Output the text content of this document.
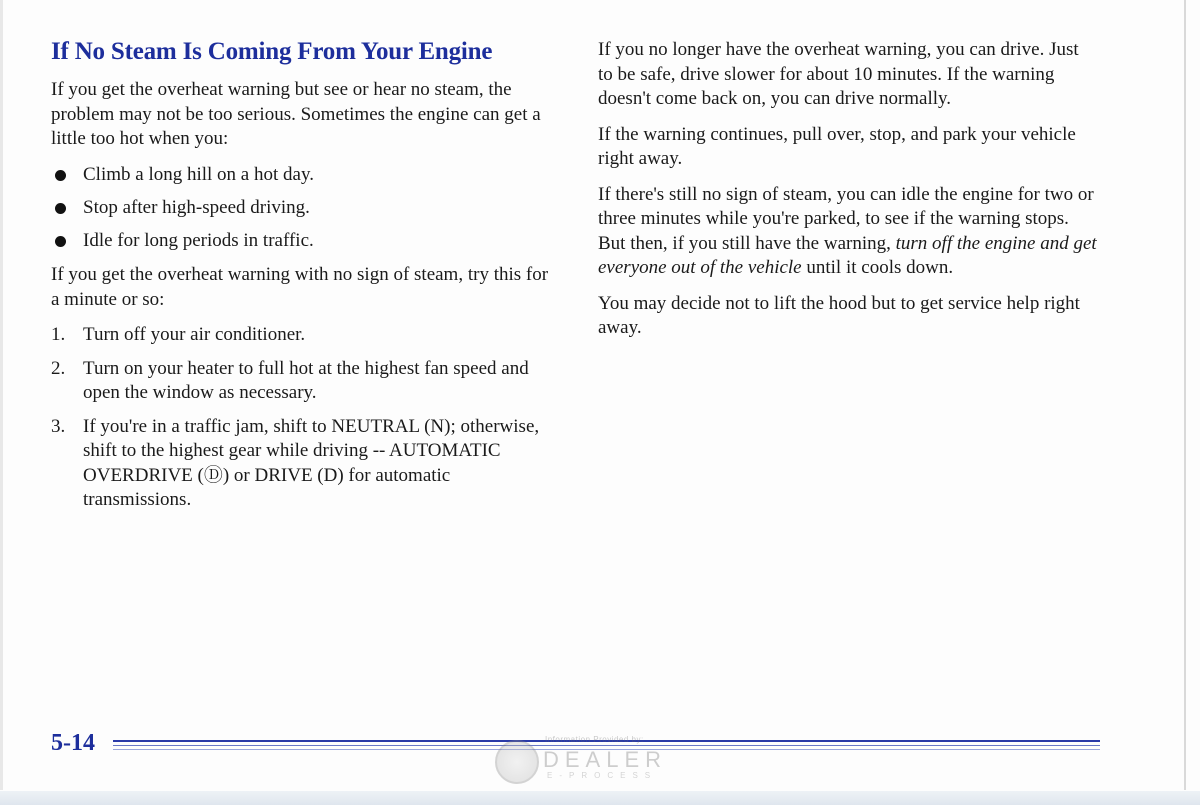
If No Steam Is Coming From Your Engine

If you get the overheat warning but see or hear no steam, the problem may not be too serious. Sometimes the engine can get a little too hot when you:

Climb a long hill on a hot day.
Stop after high-speed driving.
Idle for long periods in traffic.

If you get the overheat warning with no sign of steam, try this for a minute or so:

1. Turn off your air conditioner.
2. Turn on your heater to full hot at the highest fan speed and open the window as necessary.
3. If you're in a traffic jam, shift to NEUTRAL (N); otherwise, shift to the highest gear while driving -- AUTOMATIC OVERDRIVE (Ⓓ) or DRIVE (D) for automatic transmissions.

If you no longer have the overheat warning, you can drive. Just to be safe, drive slower for about 10 minutes. If the warning doesn't come back on, you can drive normally.

If the warning continues, pull over, stop, and park your vehicle right away.

If there's still no sign of steam, you can idle the engine for two or three minutes while you're parked, to see if the warning stops. But then, if you still have the warning, turn off the engine and get everyone out of the vehicle until it cools down.

You may decide not to lift the hood but to get service help right away.

5-14	Information Provided by:
DEALER
E-PROCESS
